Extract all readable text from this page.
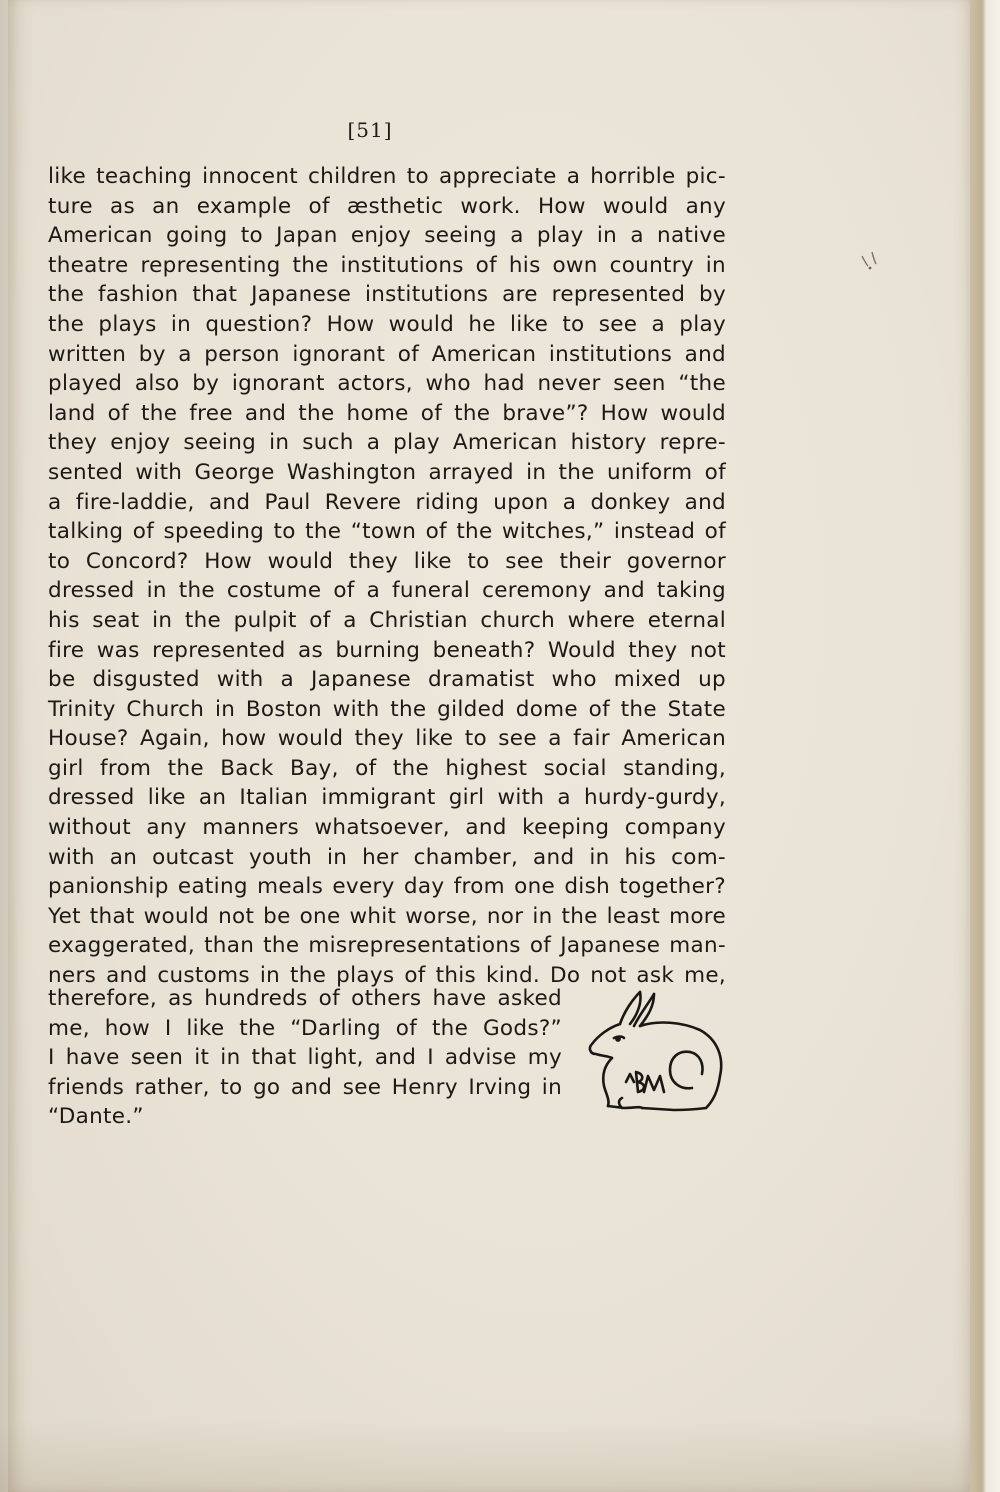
[51]
like teaching innocent children to appreciate a horrible pic-
ture as an example of æsthetic work. How would any
American going to Japan enjoy seeing a play in a native
theatre representing the institutions of his own country in
the fashion that Japanese institutions are represented by
the plays in question? How would he like to see a play
written by a person ignorant of American institutions and
played also by ignorant actors, who had never seen “the
land of the free and the home of the brave”? How would
they enjoy seeing in such a play American history repre-
sented with George Washington arrayed in the uniform of
a fire-laddie, and Paul Revere riding upon a donkey and
talking of speeding to the “town of the witches,” instead of
to Concord? How would they like to see their governor
dressed in the costume of a funeral ceremony and taking
his seat in the pulpit of a Christian church where eternal
fire was represented as burning beneath? Would they not
be disgusted with a Japanese dramatist who mixed up
Trinity Church in Boston with the gilded dome of the State
House? Again, how would they like to see a fair American
girl from the Back Bay, of the highest social standing,
dressed like an Italian immigrant girl with a hurdy-gurdy,
without any manners whatsoever, and keeping company
with an outcast youth in her chamber, and in his com-
panionship eating meals every day from one dish together?
Yet that would not be one whit worse, nor in the least more
exaggerated, than the misrepresentations of Japanese man-
ners and customs in the plays of this kind. Do not ask me,
therefore, as hundreds of others have asked
me, how I like the “Darling of the Gods?”
I have seen it in that light, and I advise my
friends rather, to go and see Henry Irving in
“Dante.”
